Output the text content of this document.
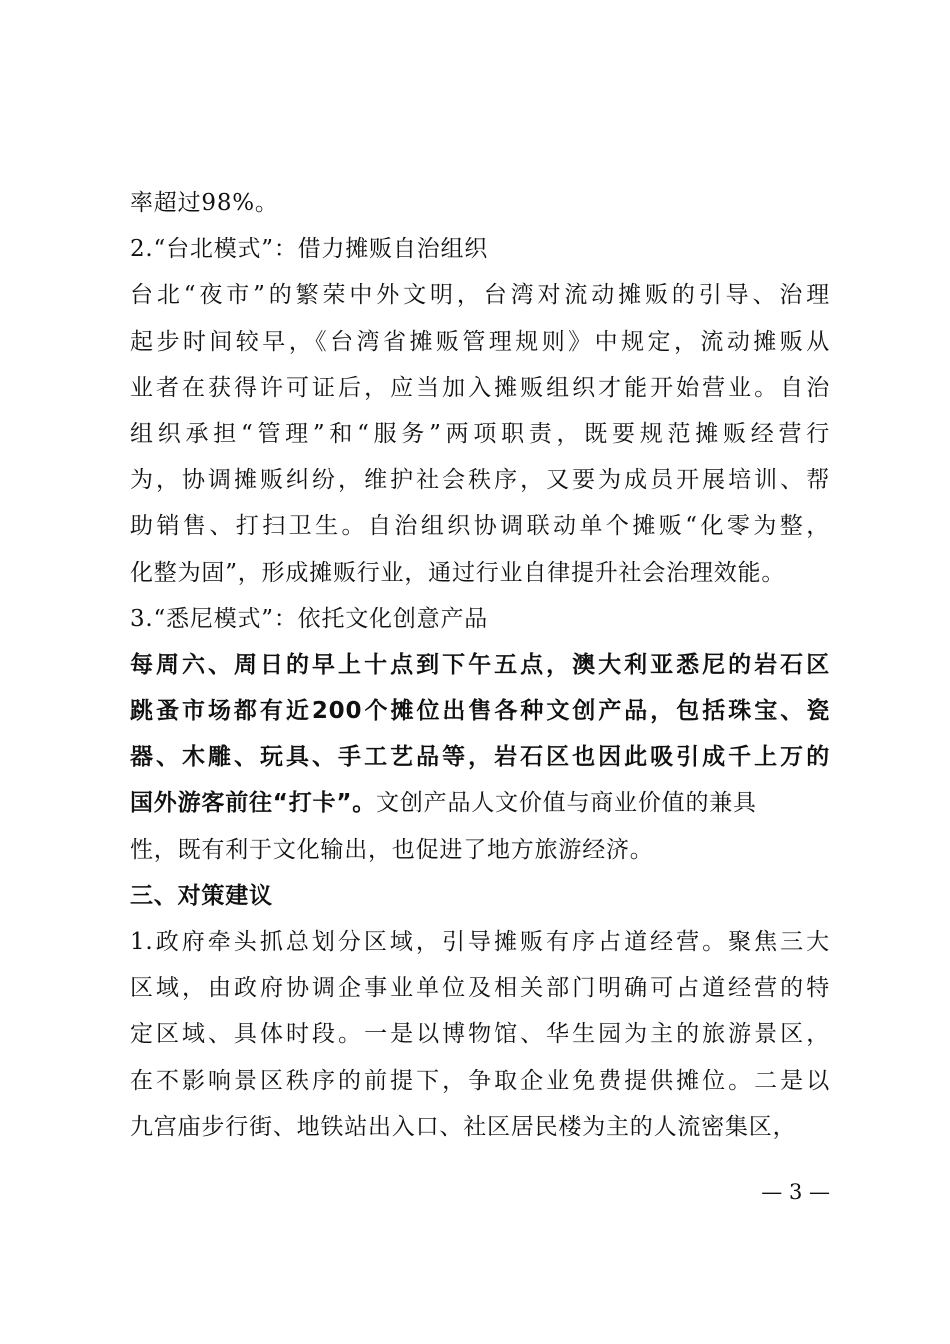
率超过98%。
2.“台北模式”：借力摊贩自治组织
台北“夜市”的繁荣中外文明，台湾对流动摊贩的引导、治理
起步时间较早，《台湾省摊贩管理规则》中规定，流动摊贩从
业者在获得许可证后，应当加入摊贩组织才能开始营业。自治
组织承担“管理”和“服务”两项职责，既要规范摊贩经营行
为，协调摊贩纠纷，维护社会秩序，又要为成员开展培训、帮
助销售、打扫卫生。自治组织协调联动单个摊贩“化零为整，
化整为固”，形成摊贩行业，通过行业自律提升社会治理效能。
3.“悉尼模式”：依托文化创意产品
每周六、周日的早上十点到下午五点，澳大利亚悉尼的岩石区
跳蚤市场都有近200个摊位出售各种文创产品，包括珠宝、瓷
器、木雕、玩具、手工艺品等，岩石区也因此吸引成千上万的
国外游客前往“打卡”。文创产品人文价值与商业价值的兼具
性，既有利于文化输出，也促进了地方旅游经济。
三、对策建议
1.政府牵头抓总划分区域，引导摊贩有序占道经营。聚焦三大
区域，由政府协调企事业单位及相关部门明确可占道经营的特
定区域、具体时段。一是以博物馆、华生园为主的旅游景区，
在不影响景区秩序的前提下，争取企业免费提供摊位。二是以
九宫庙步行街、地铁站出入口、社区居民楼为主的人流密集区，
— 3 —
